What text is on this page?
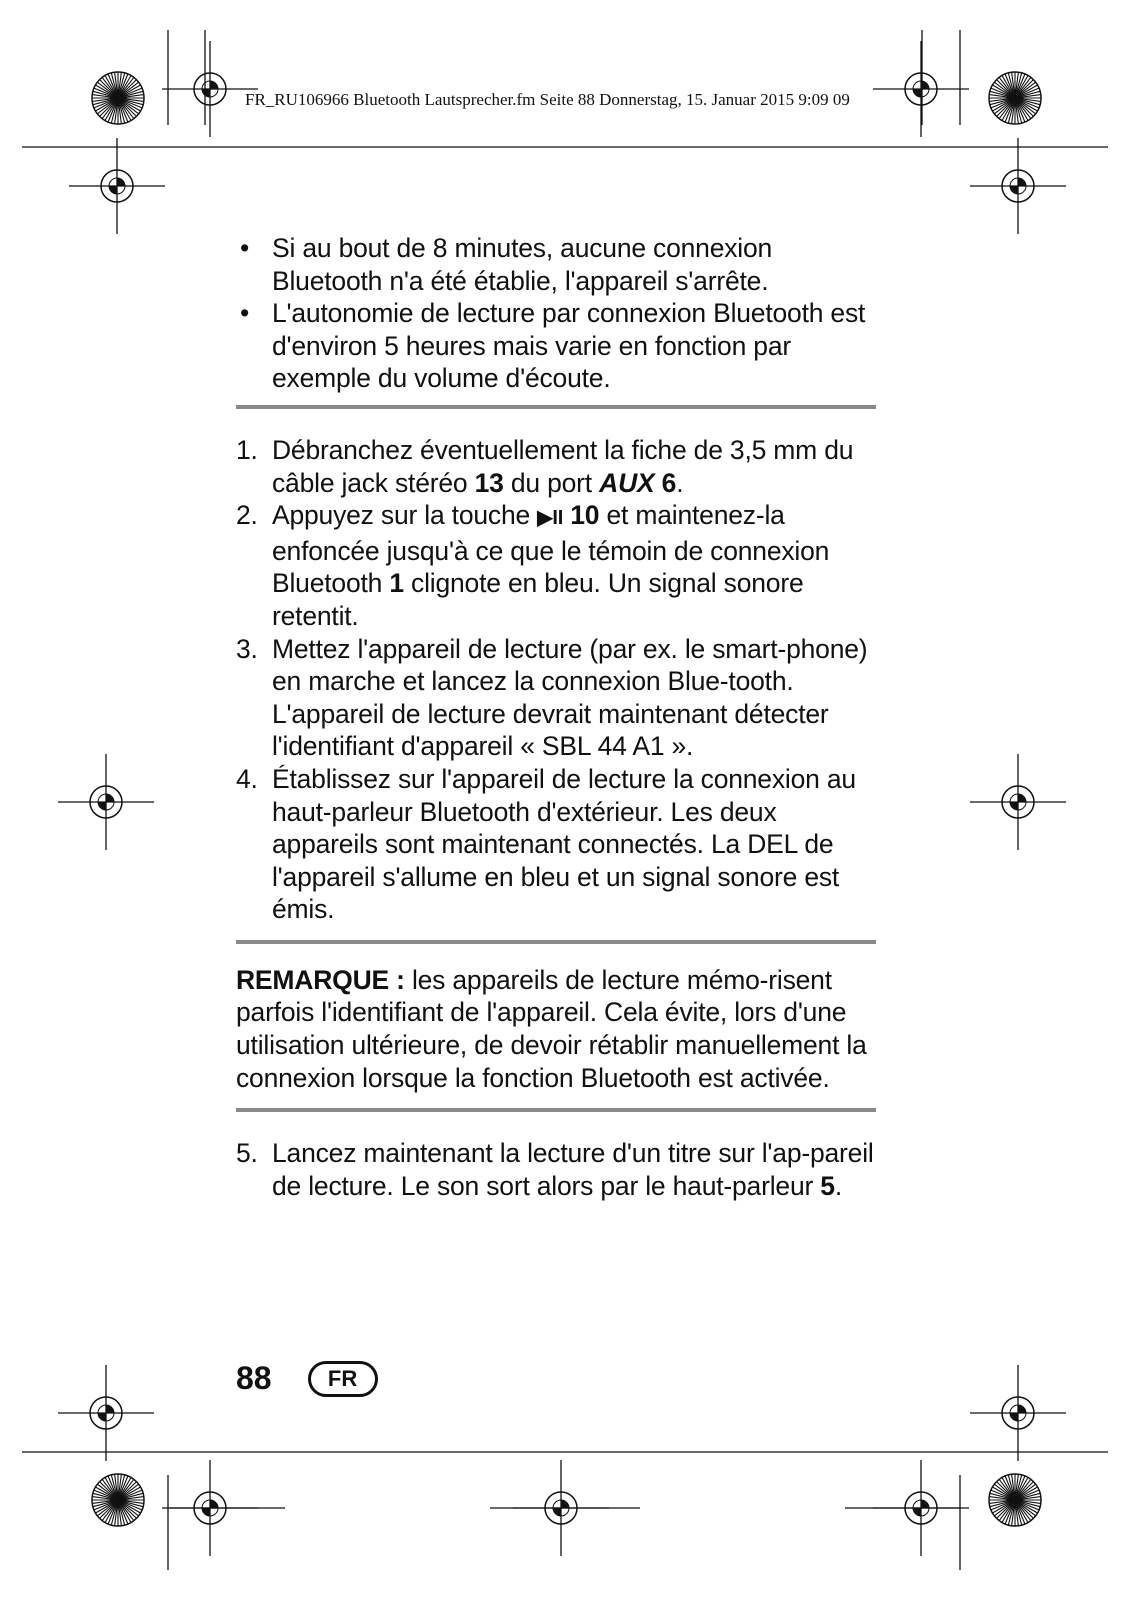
FR_RU106966 Bluetooth Lautsprecher.fm Seite 88 Donnerstag, 15. Januar 2015 9:09 09
• Si au bout de 8 minutes, aucune connexion Bluetooth n'a été établie, l'appareil s'arrête.
• L'autonomie de lecture par connexion Bluetooth est d'environ 5 heures mais varie en fonction par exemple du volume d'écoute.
1. Débranchez éventuellement la fiche de 3,5 mm du câble jack stéréo 13 du port AUX 6.
2. Appuyez sur la touche ▶II 10 et maintenez-la enfoncée jusqu'à ce que le témoin de connexion Bluetooth 1 clignote en bleu. Un signal sonore retentit.
3. Mettez l'appareil de lecture (par ex. le smart-phone) en marche et lancez la connexion Blue-tooth. L'appareil de lecture devrait maintenant détecter l'identifiant d'appareil « SBL 44 A1 ».
4. Établissez sur l'appareil de lecture la connexion au haut-parleur Bluetooth d'extérieur. Les deux appareils sont maintenant connectés. La DEL de l'appareil s'allume en bleu et un signal sonore est émis.

REMARQUE : les appareils de lecture mémo-risent parfois l'identifiant de l'appareil. Cela évite, lors d'une utilisation ultérieure, de devoir rétablir manuellement la connexion lorsque la fonction Bluetooth est activée.

5. Lancez maintenant la lecture d'un titre sur l'ap-pareil de lecture. Le son sort alors par le haut-parleur 5.
88	FR
